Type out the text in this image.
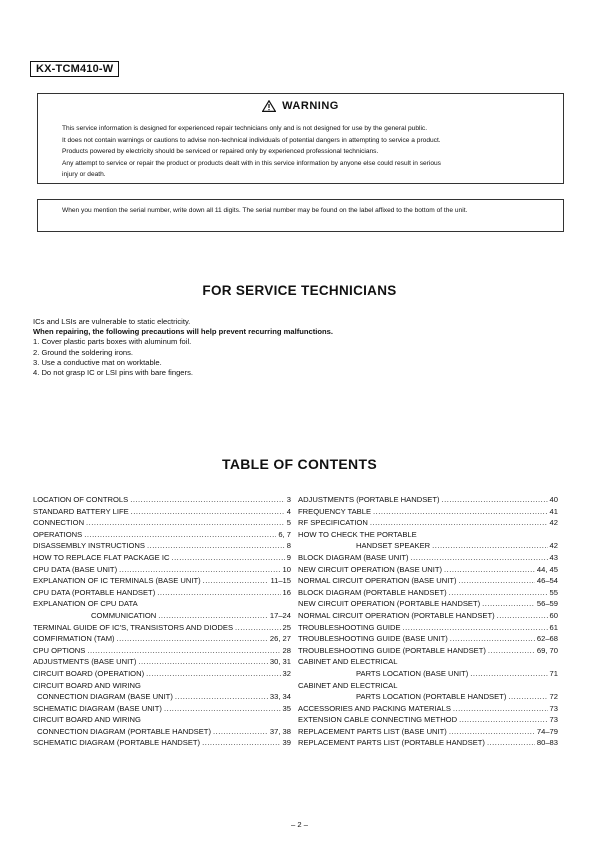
KX-TCM410-W
WARNING
This service information is designed for experienced repair technicians only and is not designed for use by the general public.
It does not contain warnings or cautions to advise non-technical individuals of potential dangers in attempting to service a product.
Products powered by electricity should be serviced or repaired only by experienced professional technicians.
Any attempt to service or repair the product or products dealt with in this service information by anyone else could result in serious
injury or death.
When you mention the serial number, write down all 11 digits. The serial number may be found on the label affixed to the bottom of the unit.
FOR SERVICE TECHNICIANS
ICs and LSIs are vulnerable to static electricity.
When repairing, the following precautions will help prevent recurring malfunctions.
1. Cover plastic parts boxes with aluminum foil.
2. Ground the soldering irons.
3. Use a conductive mat on worktable.
4. Do not grasp IC or LSI pins with bare fingers.
TABLE OF CONTENTS
LOCATION OF CONTROLS .....	3
STANDARD BATTERY LIFE .....	4
CONNECTION .....	5
OPERATIONS .....	6, 7
DISASSEMBLY INSTRUCTIONS .....	8
HOW TO REPLACE FLAT PACKAGE IC .....	9
CPU DATA (BASE UNIT) .....	10
EXPLANATION OF IC TERMINALS (BASE UNIT) .....	11–15
CPU DATA (PORTABLE HANDSET) .....	16
EXPLANATION OF CPU DATA
COMMUNICATION .....	17–24
TERMINAL GUIDE OF IC'S, TRANSISTORS AND DIODES .....	25
COMFIRMATION (TAM) .....	26, 27
CPU OPTIONS .....	28
ADJUSTMENTS (BASE UNIT) .....	30, 31
CIRCUIT BOARD (OPERATION) .....	32
CIRCUIT BOARD AND WIRING
CONNECTION DIAGRAM (BASE UNIT) .....	33, 34
SCHEMATIC DIAGRAM (BASE UNIT) .....	35
CIRCUIT BOARD AND WIRING
CONNECTION DIAGRAM (PORTABLE HANDSET) .....	37, 38
SCHEMATIC DIAGRAM (PORTABLE HANDSET) .....	39
ADJUSTMENTS (PORTABLE HANDSET) .....	40
FREQUENCY TABLE .....	41
RF SPECIFICATION .....	42
HOW TO CHECK THE PORTABLE
HANDSET SPEAKER .....	42
BLOCK DIAGRAM (BASE UNIT) .....	43
NEW CIRCUIT OPERATION (BASE UNIT) .....	44, 45
NORMAL CIRCUIT OPERATION (BASE UNIT) .....	46–54
BLOCK DIAGRAM (PORTABLE HANDSET) .....	55
NEW CIRCUIT OPERATION (PORTABLE HANDSET) .....	56–59
NORMAL CIRCUIT OPERATION (PORTABLE HANDSET) .....	60
TROUBLESHOOTING GUIDE .....	61
TROUBLESHOOTING GUIDE (BASE UNIT) .....	62–68
TROUBLESHOOTING GUIDE (PORTABLE HANDSET) .....	69, 70
CABINET AND ELECTRICAL
PARTS LOCATION (BASE UNIT) .....	71
CABINET AND ELECTRICAL
PARTS LOCATION (PORTABLE HANDSET) .....	72
ACCESSORIES AND PACKING MATERIALS .....	73
EXTENSION CABLE CONNECTING METHOD .....	73
REPLACEMENT PARTS LIST (BASE UNIT) .....	74–79
REPLACEMENT PARTS LIST (PORTABLE HANDSET) .....	80–83
– 2 –
